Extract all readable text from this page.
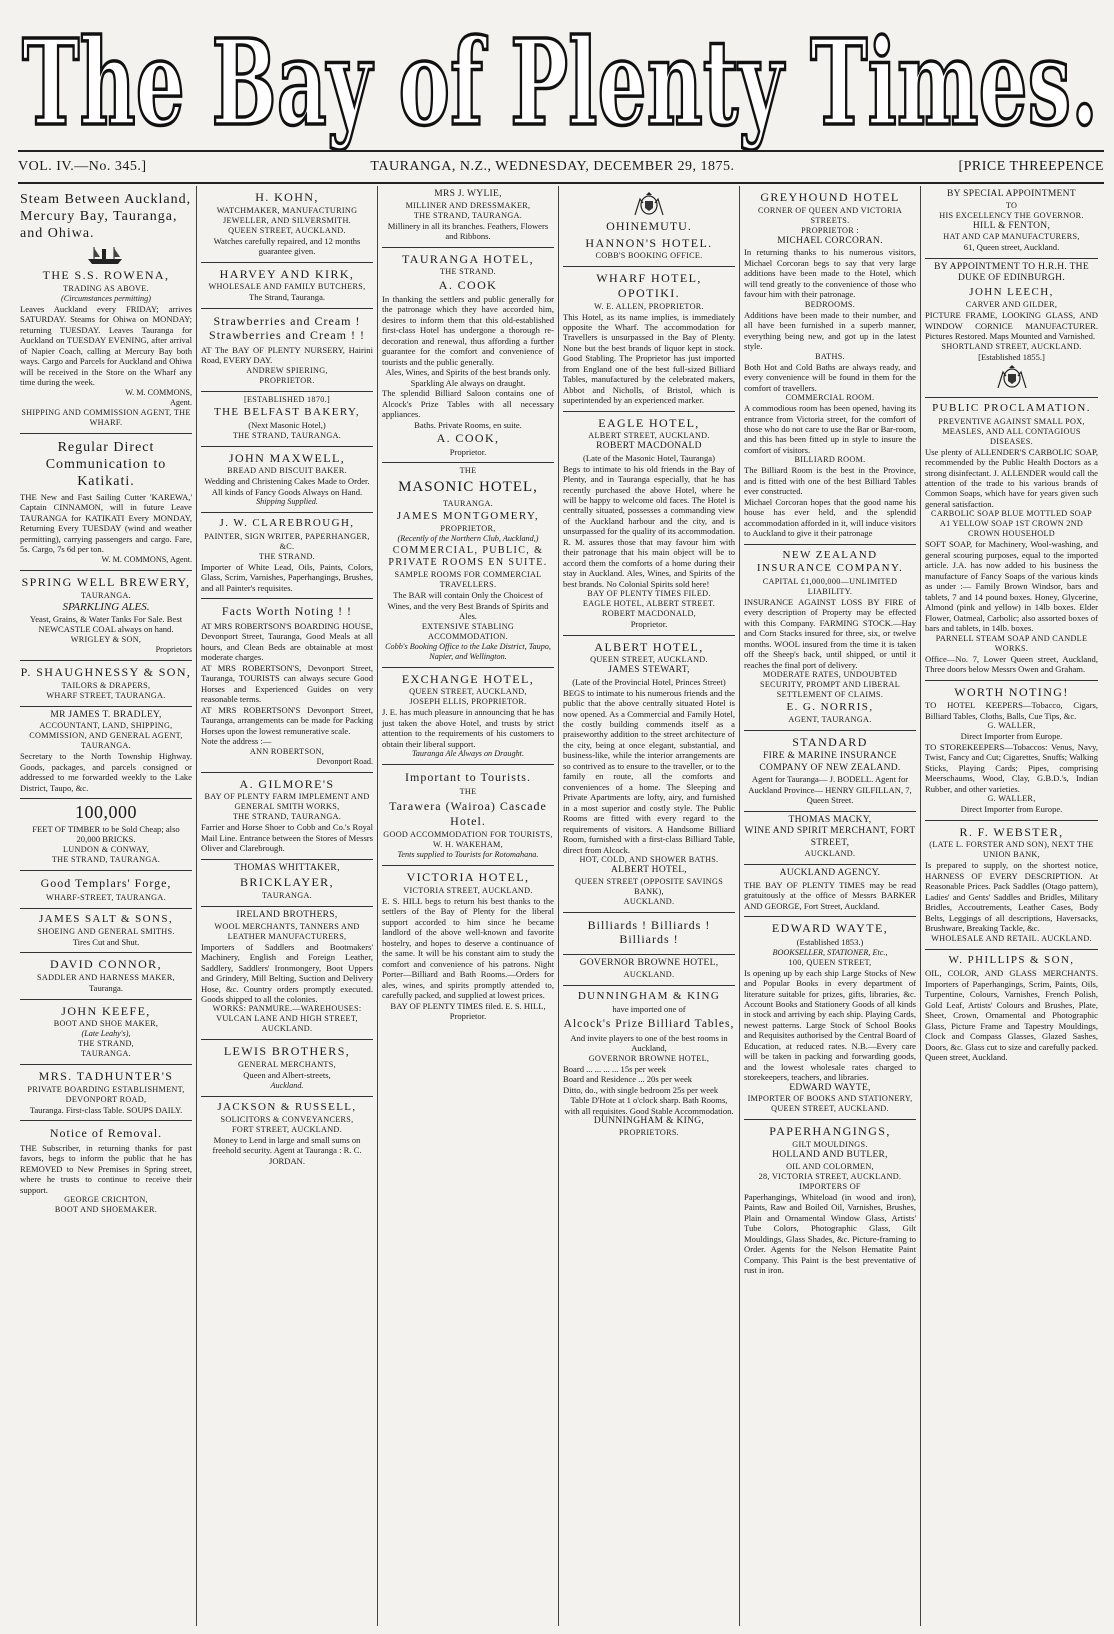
The Bay of Plenty Times.
VOL. IV.—No. 345.]	TAURANGA, N.Z., WEDNESDAY, DECEMBER 29, 1875.	[PRICE THREEPENCE
Steam Between Auckland, Mercury Bay, Tauranga, and Ohiwa.
THE S.S. ROWENA,
TRADING AS ABOVE.
(Circumstances permitting)
Leaves Auckland every FRIDAY; arrives SATURDAY. Steams for Ohiwa on MONDAY; returning TUESDAY. Leaves Tauranga for Auckland on TUESDAY EVENING, after arrival of Napier Coach, calling at Mercury Bay both ways. Cargo and Parcels for Auckland and Ohiwa will be received in the Store on the Wharf any time during the week.
W. M. COMMONS,
Agent.
SHIPPING AND COMMISSION AGENT, THE WHARF.
Regular Direct Communication to Katikati.
THE New and Fast Sailing Cutter 'KAREWA,' Captain CINNAMON, will in future Leave TAURANGA for KATIKATI Every MONDAY, Returning Every TUESDAY (wind and weather permitting), carrying passengers and cargo. Fare, 5s. Cargo, 7s 6d per ton.
W. M. COMMONS, Agent.
SPRING WELL BREWERY,
TAURANGA.
SPARKLING ALES.
Yeast, Grains, & Water Tanks For Sale. Best NEWCASTLE COAL always on hand.
WRIGLEY & SON,
Proprietors
P. SHAUGHNESSY & SON,
TAILORS & DRAPERS,
WHARF STREET, TAURANGA.
MR JAMES T. BRADLEY,
ACCOUNTANT, LAND, SHIPPING, COMMISSION, AND GENERAL AGENT,
TAURANGA.
Secretary to the North Township Highway. Goods, packages, and parcels consigned or addressed to me forwarded weekly to the Lake District, Taupo, &c.
100,000
FEET OF TIMBER to be Sold Cheap; also 20,000 BRICKS.
LUNDON & CONWAY,
THE STRAND, TAURANGA.
Good Templars' Forge,
WHARF-STREET, TAURANGA.
JAMES SALT & SONS,
SHOEING AND GENERAL SMITHS.
Tires Cut and Shut.
DAVID CONNOR,
SADDLER AND HARNESS MAKER,
Tauranga.
JOHN KEEFE,
BOOT AND SHOE MAKER,
(Late Leahy's),
THE STRAND,
TAURANGA.
MRS. TADHUNTER'S
PRIVATE BOARDING ESTABLISHMENT,
DEVONPORT ROAD,
Tauranga. First-class Table. SOUPS DAILY.
Notice of Removal.
THE Subscriber, in returning thanks for past favors, begs to inform the public that he has REMOVED to New Premises in Spring street, where he trusts to continue to receive their support.
GEORGE CRICHTON,
BOOT AND SHOEMAKER.
H. KOHN,
WATCHMAKER, MANUFACTURING JEWELLER, AND SILVERSMITH.
QUEEN STREET, AUCKLAND.
Watches carefully repaired, and 12 months guarantee given.
HARVEY AND KIRK,
WHOLESALE AND FAMILY BUTCHERS,
The Strand, Tauranga.
Strawberries and Cream ! Strawberries and Cream ! !
AT The BAY OF PLENTY NURSERY, Hairini Road, EVERY DAY.
ANDREW SPIERING,
PROPRIETOR.
[ESTABLISHED 1870.]
THE BELFAST BAKERY,
(Next Masonic Hotel,)
THE STRAND, TAURANGA.
JOHN MAXWELL,
BREAD AND BISCUIT BAKER.
Wedding and Christening Cakes Made to Order. All kinds of Fancy Goods Always on Hand.
Shipping Supplied.
J. W. CLAREBROUGH,
PAINTER, SIGN WRITER, PAPERHANGER, &C.
THE STRAND.
Importer of White Lead, Oils, Paints, Colors, Glass, Scrim, Varnishes, Paperhangings, Brushes, and all Painter's requisites.
Facts Worth Noting ! !
AT MRS ROBERTSON'S BOARDING HOUSE, Devonport Street, Tauranga, Good Meals at all hours, and Clean Beds are obtainable at most moderate charges.
AT MRS ROBERTSON'S, Devonport Street, Tauranga, TOURISTS can always secure Good Horses and Experienced Guides on very reasonable terms.
AT MRS ROBERTSON'S Devonport Street, Tauranga, arrangements can be made for Packing Horses upon the lowest remunerative scale.
Note the address :—
ANN ROBERTSON,
Devonport Road.
A. GILMORE'S
BAY OF PLENTY FARM IMPLEMENT AND GENERAL SMITH WORKS,
THE STRAND, TAURANGA.
Farrier and Horse Shoer to Cobb and Co.'s Royal Mail Line. Entrance between the Stores of Messrs Oliver and Clarebrough.
THOMAS WHITTAKER,
BRICKLAYER,
TAURANGA.
IRELAND BROTHERS,
WOOL MERCHANTS, TANNERS AND LEATHER MANUFACTURERS,
Importers of Saddlers and Bootmakers' Machinery, English and Foreign Leather, Saddlery, Saddlers' Ironmongery, Boot Uppers and Grindery, Mill Belting, Suction and Delivery Hose, &c. Country orders promptly executed. Goods shipped to all the colonies.
WORKS: PANMURE.—WAREHOUSES: VULCAN LANE AND HIGH STREET, AUCKLAND.
LEWIS BROTHERS,
GENERAL MERCHANTS,
Queen and Albert-streets,
Auckland.
JACKSON & RUSSELL,
SOLICITORS & CONVEYANCERS,
FORT STREET, AUCKLAND.
Money to Lend in large and small sums on freehold security. Agent at Tauranga : R. C. JORDAN.
MRS J. WYLIE,
MILLINER AND DRESSMAKER,
THE STRAND, TAURANGA.
Millinery in all its branches. Feathers, Flowers and Ribbons.
TAURANGA HOTEL,
THE STRAND.
A. COOK
In thanking the settlers and public generally for the patronage which they have accorded him, desires to inform them that this old-established first-class Hotel has undergone a thorough re-decoration and renewal, thus affording a further guarantee for the comfort and convenience of tourists and the public generally.
Ales, Wines, and Spirits of the best brands only. Sparkling Ale always on draught.
The splendid Billiard Saloon contains one of Alcock's Prize Tables with all necessary appliances.
Baths. Private Rooms, en suite.
A. COOK,
Proprietor.
THE
MASONIC HOTEL,
TAURANGA.
JAMES MONTGOMERY,
PROPRIETOR,
(Recently of the Northern Club, Auckland,)
COMMERCIAL, PUBLIC, & PRIVATE ROOMS EN SUITE.
SAMPLE ROOMS FOR COMMERCIAL TRAVELLERS.
The BAR will contain Only the Choicest of Wines, and the very Best Brands of Spirits and Ales.
EXTENSIVE STABLING ACCOMMODATION.
Cobb's Booking Office to the Lake District, Taupo, Napier, and Wellington.
EXCHANGE HOTEL,
QUEEN STREET, AUCKLAND,
JOSEPH ELLIS, PROPRIETOR.
J. E. has much pleasure in announcing that he has just taken the above Hotel, and trusts by strict attention to the requirements of his customers to obtain their liberal support.
Tauranga Ale Always on Draught.
Important to Tourists.
THE
Tarawera (Wairoa) Cascade Hotel.
GOOD ACCOMMODATION FOR TOURISTS,
W. H. WAKEHAM,
Tents supplied to Tourists for Rotomahana.
VICTORIA HOTEL,
VICTORIA STREET, AUCKLAND.
E. S. HILL begs to return his best thanks to the settlers of the Bay of Plenty for the liberal support accorded to him since he became landlord of the above well-known and favorite hostelry, and hopes to deserve a continuance of the same. It will be his constant aim to study the comfort and convenience of his patrons. Night Porter—Billiard and Bath Rooms.—Orders for ales, wines, and spirits promptly attended to, carefully packed, and supplied at lowest prices.
BAY OF PLENTY TIMES filed. E. S. HILL, Proprietor.
OHINEMUTU.
HANNON'S HOTEL.
COBB'S BOOKING OFFICE.
WHARF HOTEL, OPOTIKI.
W. E. ALLEN, PROPRIETOR.
This Hotel, as its name implies, is immediately opposite the Wharf. The accommodation for Travellers is unsurpassed in the Bay of Plenty. None but the best brands of liquor kept in stock. Good Stabling. The Proprietor has just imported from England one of the best full-sized Billiard Tables, manufactured by the celebrated makers, Abbot and Nicholls, of Bristol, which is superintended by an experienced marker.
EAGLE HOTEL,
ALBERT STREET, AUCKLAND.
ROBERT MACDONALD
(Late of the Masonic Hotel, Tauranga)
Begs to intimate to his old friends in the Bay of Plenty, and in Tauranga especially, that he has recently purchased the above Hotel, where he will be happy to welcome old faces. The Hotel is centrally situated, possesses a commanding view of the Auckland harbour and the city, and is unsurpassed for the quality of its accommodation. R. M. assures those that may favour him with their patronage that his main object will be to accord them the comforts of a home during their stay in Auckland. Ales, Wines, and Spirits of the best brands. No Colonial Spirits sold here!
BAY OF PLENTY TIMES FILED.
EAGLE HOTEL, ALBERT STREET.
ROBERT MACDONALD,
Proprietor.
ALBERT HOTEL,
QUEEN STREET, AUCKLAND.
JAMES STEWART,
(Late of the Provincial Hotel, Princes Street)
BEGS to intimate to his numerous friends and the public that the above centrally situated Hotel is now opened. As a Commercial and Family Hotel, the costly building commends itself as a praiseworthy addition to the street architecture of the city, being at once elegant, substantial, and business-like, while the interior arrangements are so contrived as to ensure to the traveller, or to the family en route, all the comforts and conveniences of a home. The Sleeping and Private Apartments are lofty, airy, and furnished in a most superior and costly style. The Public Rooms are fitted with every regard to the requirements of visitors. A Handsome Billiard Room, furnished with a first-class Billiard Table, direct from Alcock.
HOT, COLD, AND SHOWER BATHS.
ALBERT HOTEL,
QUEEN STREET (OPPOSITE SAVINGS BANK),
AUCKLAND.
Billiards ! Billiards ! Billiards !
GOVERNOR BROWNE HOTEL,
AUCKLAND.
DUNNINGHAM & KING
have imported one of
Alcock's Prize Billiard Tables,
And invite players to one of the best rooms in Auckland,
GOVERNOR BROWNE HOTEL,
Board ... ... ... ... 15s per week
Board and Residence ... 20s per week
Ditto, do., with single bedroom 25s per week
Table D'Hote at 1 o'clock sharp. Bath Rooms, with all requisites. Good Stable Accommodation.
DUNNINGHAM & KING,
PROPRIETORS.
GREYHOUND HOTEL
CORNER OF QUEEN AND VICTORIA STREETS.
PROPRIETOR :
MICHAEL CORCORAN.
In returning thanks to his numerous visitors, Michael Corcoran begs to say that very large additions have been made to the Hotel, which will tend greatly to the convenience of those who favour him with their patronage.
BEDROOMS.
Additions have been made to their number, and all have been furnished in a superb manner, everything being new, and got up in the latest style.
BATHS.
Both Hot and Cold Baths are always ready, and every convenience will be found in them for the comfort of travellers.
COMMERCIAL ROOM.
A commodious room has been opened, having its entrance from Victoria street, for the comfort of those who do not care to use the Bar or Bar-room, and this has been fitted up in style to insure the comfort of visitors.
BILLIARD ROOM.
The Billiard Room is the best in the Province, and is fitted with one of the best Billiard Tables ever constructed.
Michael Corcoran hopes that the good name his house has ever held, and the splendid accommodation afforded in it, will induce visitors to Auckland to give it their patronage
NEW ZEALAND INSURANCE COMPANY.
CAPITAL £1,000,000—UNLIMITED LIABILITY.
INSURANCE AGAINST LOSS BY FIRE of every description of Property may be effected with this Company. FARMING STOCK.—Hay and Corn Stacks insured for three, six, or twelve months. WOOL insured from the time it is taken off the Sheep's back, until shipped, or until it reaches the final port of delivery.
MODERATE RATES, UNDOUBTED SECURITY, PROMPT AND LIBERAL SETTLEMENT OF CLAIMS.
E. G. NORRIS,
AGENT, TAURANGA.
STANDARD
FIRE & MARINE INSURANCE COMPANY OF NEW ZEALAND.
Agent for Tauranga— J. BODELL. Agent for Auckland Province— HENRY GILFILLAN, 7, Queen Street.
THOMAS MACKY,
WINE AND SPIRIT MERCHANT, FORT STREET,
AUCKLAND.
AUCKLAND AGENCY.
THE BAY OF PLENTY TIMES may be read gratuitously at the office of Messrs BARKER AND GEORGE, Fort Street, Auckland.
EDWARD WAYTE,
(Established 1853.)
BOOKSELLER, STATIONER, Etc.,
100, QUEEN STREET,
Is opening up by each ship Large Stocks of New and Popular Books in every department of literature suitable for prizes, gifts, libraries, &c. Account Books and Stationery Goods of all kinds in stock and arriving by each ship. Playing Cards, newest patterns. Large Stock of School Books and Requisites authorised by the Central Board of Education, at reduced rates. N.B.—Every care will be taken in packing and forwarding goods, and the lowest wholesale rates charged to storekeepers, teachers, and libraries.
EDWARD WAYTE,
IMPORTER OF BOOKS AND STATIONERY, QUEEN STREET, AUCKLAND.
PAPERHANGINGS,
GILT MOULDINGS.
HOLLAND AND BUTLER,
OIL AND COLORMEN,
28, VICTORIA STREET, AUCKLAND.
IMPORTERS OF
Paperhangings, Whiteload (in wood and iron), Paints, Raw and Boiled Oil, Varnishes, Brushes, Plain and Ornamental Window Glass, Artists' Tube Colors, Photographic Glass, Gilt Mouldings, Glass Shades, &c. Picture-framing to Order. Agents for the Nelson Hematite Paint Company. This Paint is the best preventative of rust in iron.
BY SPECIAL APPOINTMENT
TO
HIS EXCELLENCY THE GOVERNOR.
HILL & FENTON,
HAT AND CAP MANUFACTURERS,
61, Queen street, Auckland.
BY APPOINTMENT TO H.R.H. THE DUKE OF EDINBURGH.
JOHN LEECH,
CARVER AND GILDER,
PICTURE FRAME, LOOKING GLASS, AND WINDOW CORNICE MANUFACTURER. Pictures Restored. Maps Mounted and Varnished.
SHORTLAND STREET, AUCKLAND.
[Established 1855.]
PUBLIC PROCLAMATION.
PREVENTIVE AGAINST SMALL POX, MEASLES, AND ALL CONTAGIOUS DISEASES.
Use plenty of ALLENDER'S CARBOLIC SOAP, recommended by the Public Health Doctors as a strong disinfectant. J. ALLENDER would call the attention of the trade to his various brands of Common Soaps, which have for years given such general satisfaction.
CARBOLIC SOAP BLUE MOTTLED SOAP A1 YELLOW SOAP 1ST CROWN 2ND CROWN HOUSEHOLD
SOFT SOAP, for Machinery, Wool-washing, and general scouring purposes, equal to the imported article. J.A. has now added to his business the manufacture of Fancy Soaps of the various kinds as under :— Family Brown Windsor, bars and tablets, 7 and 14 pound boxes. Honey, Glycerine, Almond (pink and yellow) in 14lb boxes. Elder Flower, Oatmeal, Carbolic; also assorted boxes of bars and tablets, in 14lb. boxes.
PARNELL STEAM SOAP AND CANDLE WORKS.
Office—No. 7, Lower Queen street, Auckland, Three doors below Messrs Owen and Graham.
WORTH NOTING!
TO HOTEL KEEPERS—Tobacco, Cigars, Billiard Tables, Cloths, Balls, Cue Tips, &c.
G. WALLER,
Direct Importer from Europe.
TO STOREKEEPERS—Tobaccos: Venus, Navy, Twist, Fancy and Cut; Cigarettes, Snuffs; Walking Sticks, Playing Cards; Pipes, comprising Meerschaums, Wood, Clay, G.B.D.'s, Indian Rubber, and other varieties.
G. WALLER,
Direct Importer from Europe.
R. F. WEBSTER,
(LATE L. FORSTER AND SON), NEXT THE UNION BANK,
Is prepared to supply, on the shortest notice, HARNESS OF EVERY DESCRIPTION. At Reasonable Prices. Pack Saddles (Otago pattern), Ladies' and Gents' Saddles and Bridles, Military Bridles, Accoutrements, Leather Cases, Body Belts, Leggings of all descriptions, Haversacks, Brushware, Breaking Tackle, &c.
WHOLESALE AND RETAIL. AUCKLAND.
W. PHILLIPS & SON,
OIL, COLOR, AND GLASS MERCHANTS. Importers of Paperhangings, Scrim, Paints, Oils, Turpentine, Colours, Varnishes, French Polish, Gold Leaf, Artists' Colours and Brushes, Plate, Sheet, Crown, Ornamental and Photographic Glass, Picture Frame and Tapestry Mouldings, Clock and Compass Glasses, Glazed Sashes, Doors, &c. Glass cut to size and carefully packed. Queen street, Auckland.
